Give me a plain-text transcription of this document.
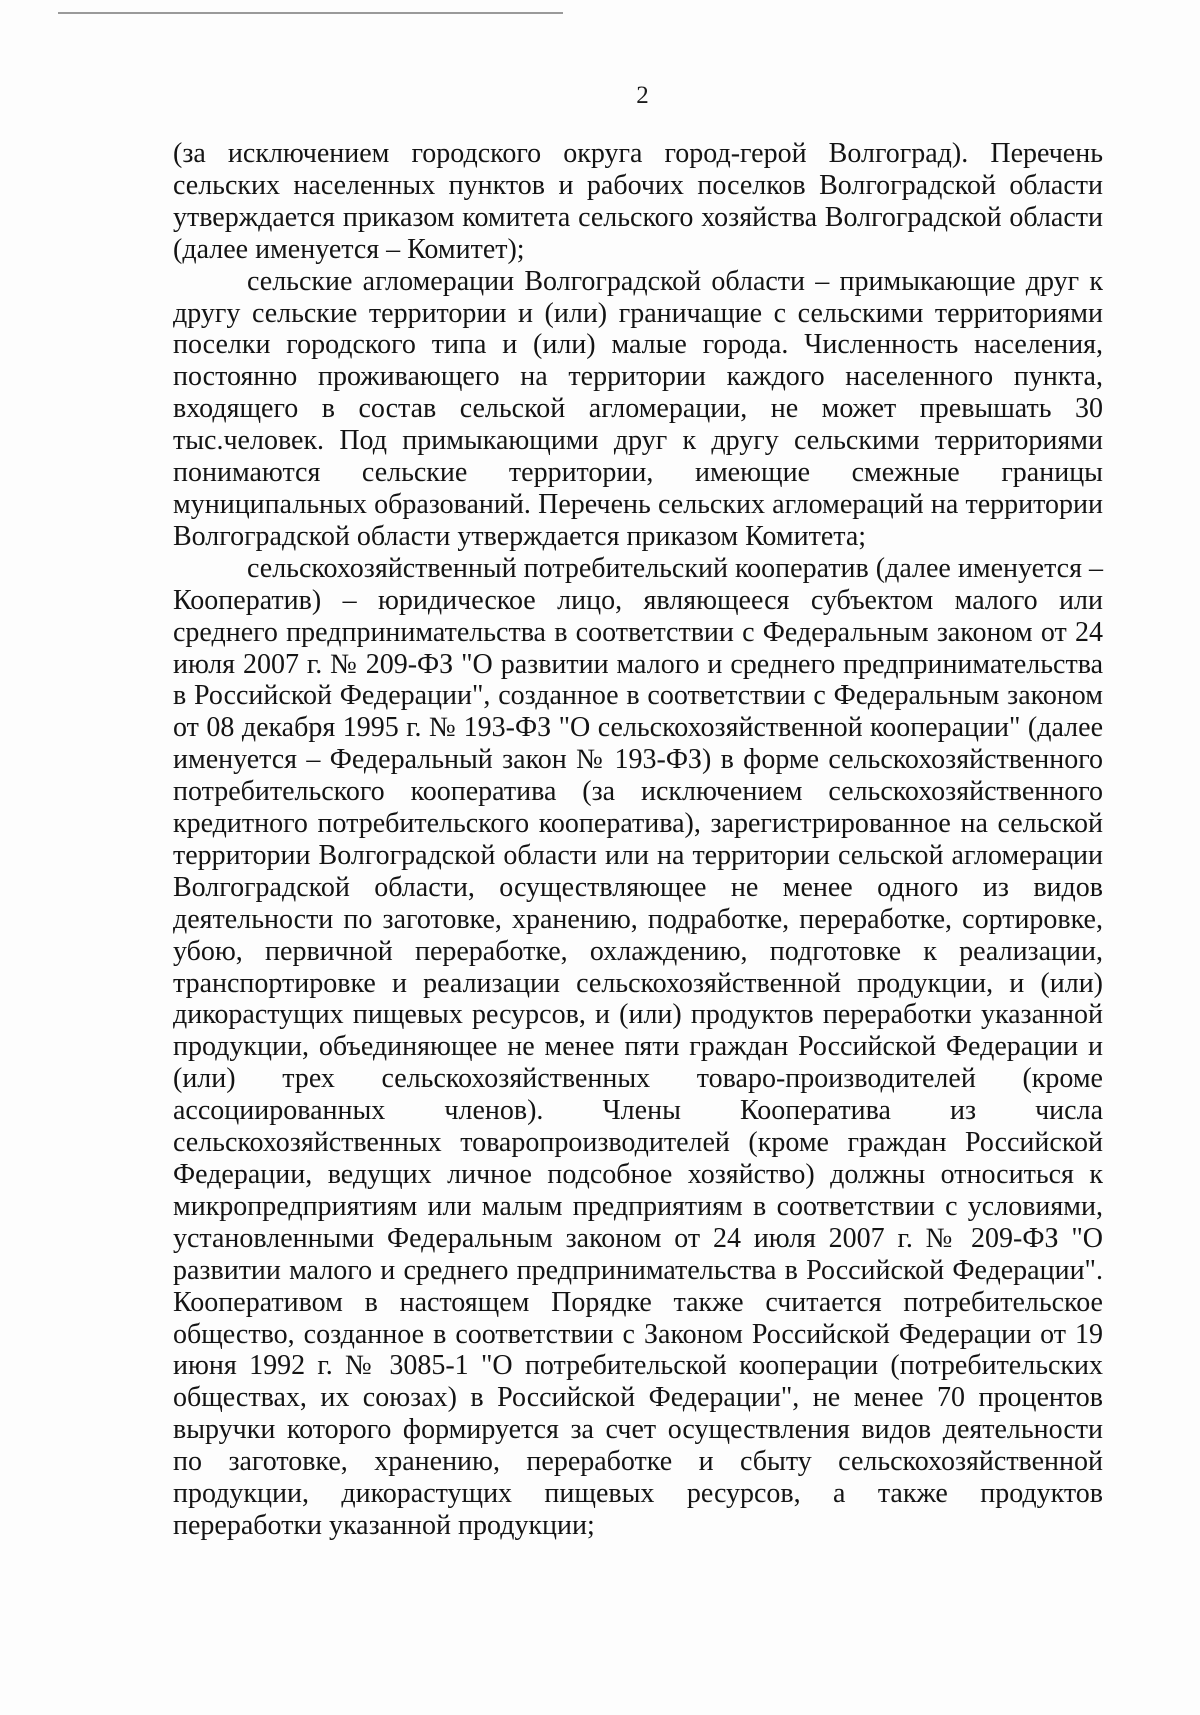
2

(за исключением городского округа город-герой Волгоград). Перечень сельских населенных пунктов и рабочих поселков Волгоградской области утверждается приказом комитета сельского хозяйства Волгоградской области (далее именуется – Комитет);

сельские агломерации Волгоградской области – примыкающие друг к другу сельские территории и (или) граничащие с сельскими территориями поселки городского типа и (или) малые города. Численность населения, постоянно проживающего на территории каждого населенного пункта, входящего в состав сельской агломерации, не может превышать 30 тыс.человек. Под примыкающими друг к другу сельскими территориями понимаются сельские территории, имеющие смежные границы муниципальных образований. Перечень сельских агломераций на территории Волгоградской области утверждается приказом Комитета;

сельскохозяйственный потребительский кооператив (далее именуется – Кооператив) – юридическое лицо, являющееся субъектом малого или среднего предпринимательства в соответствии с Федеральным законом от 24 июля 2007 г. № 209-ФЗ "О развитии малого и среднего предпринимательства в Российской Федерации", созданное в соответствии с Федеральным законом от 08 декабря 1995 г. № 193-ФЗ "О сельскохозяйственной кооперации" (далее именуется – Федеральный закон № 193-ФЗ) в форме сельскохозяйственного потребительского кооператива (за исключением сельскохозяйственного кредитного потребительского кооператива), зарегистрированное на сельской территории Волгоградской области или на территории сельской агломерации Волгоградской области, осуществляющее не менее одного из видов деятельности по заготовке, хранению, подработке, переработке, сортировке, убою, первичной переработке, охлаждению, подготовке к реализации, транспортировке и реализации сельскохозяйственной продукции, и (или) дикорастущих пищевых ресурсов, и (или) продуктов переработки указанной продукции, объединяющее не менее пяти граждан Российской Федерации и (или) трех сельскохозяйственных товаро-производителей (кроме ассоциированных членов). Члены Кооператива из числа сельскохозяйственных товаропроизводителей (кроме граждан Российской Федерации, ведущих личное подсобное хозяйство) должны относиться к микропредприятиям или малым предприятиям в соответствии с условиями, установленными Федеральным законом от 24 июля 2007 г. № 209-ФЗ "О развитии малого и среднего предпринимательства в Российской Федерации". Кооперативом в настоящем Порядке также считается потребительское общество, созданное в соответствии с Законом Российской Федерации от 19 июня 1992 г. № 3085-1 "О потребительской кооперации (потребительских обществах, их союзах) в Российской Федерации", не менее 70 процентов выручки которого формируется за счет осуществления видов деятельности по заготовке, хранению, переработке и сбыту сельскохозяйственной продукции, дикорастущих пищевых ресурсов, а также продуктов переработки указанной продукции;
